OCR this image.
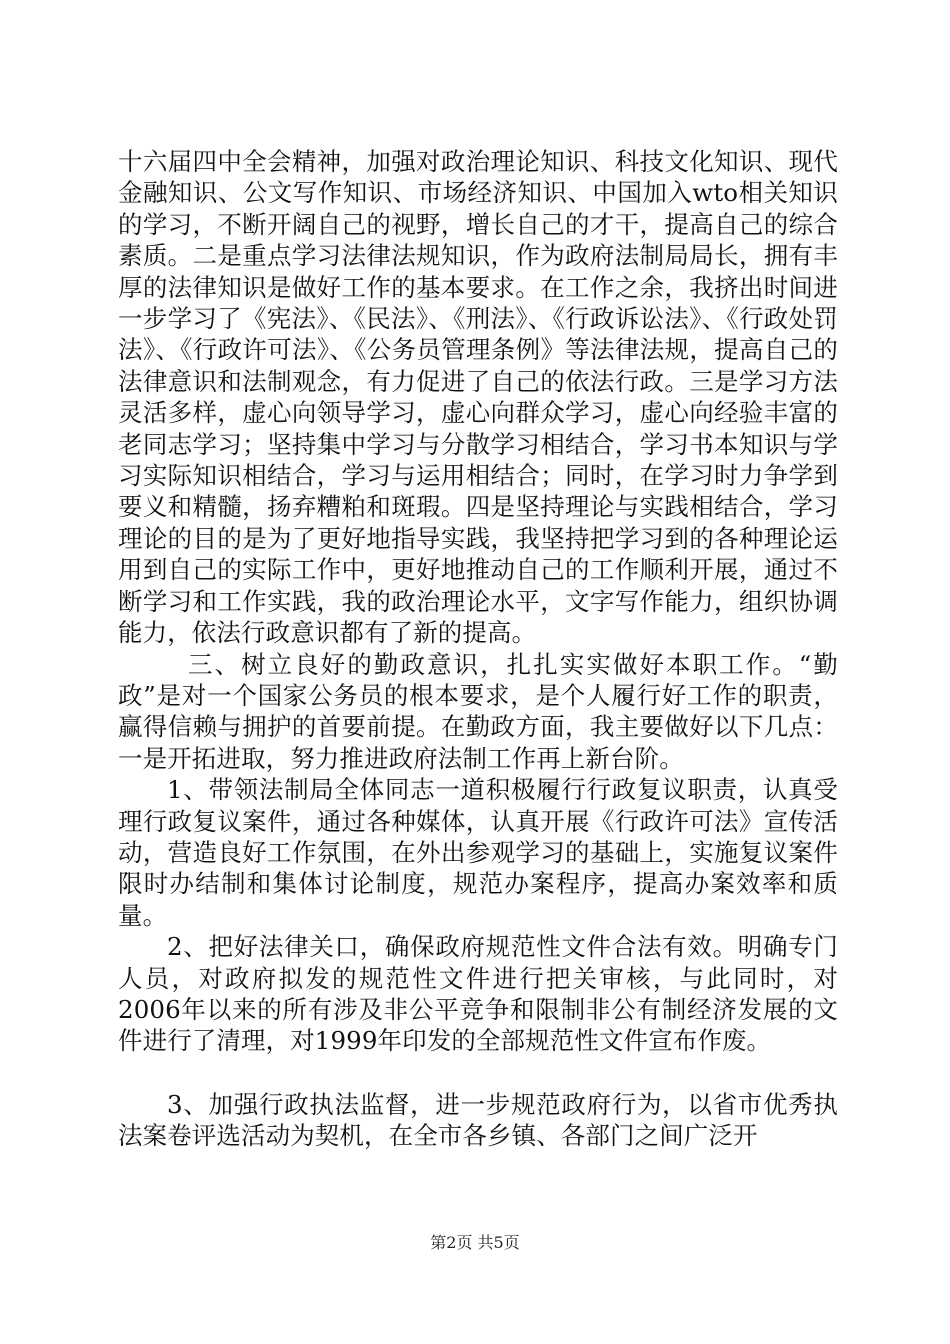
十六届四中全会精神，加强对政治理论知识、科技文化知识、现代金融知识、公文写作知识、市场经济知识、中国加入wto相关知识的学习，不断开阔自己的视野，增长自己的才干，提高自己的综合素质。二是重点学习法律法规知识，作为政府法制局局长，拥有丰厚的法律知识是做好工作的基本要求。在工作之余，我挤出时间进一步学习了《宪法》、《民法》、《刑法》、《行政诉讼法》、《行政处罚法》、《行政许可法》、《公务员管理条例》等法律法规，提高自己的法律意识和法制观念，有力促进了自己的依法行政。三是学习方法灵活多样，虚心向领导学习，虚心向群众学习，虚心向经验丰富的老同志学习；坚持集中学习与分散学习相结合，学习书本知识与学习实际知识相结合，学习与运用相结合；同时，在学习时力争学到要义和精髓，扬弃糟粕和斑瑕。四是坚持理论与实践相结合，学习理论的目的是为了更好地指导实践，我坚持把学习到的各种理论运用到自己的实际工作中，更好地推动自己的工作顺利开展，通过不断学习和工作实践，我的政治理论水平，文字写作能力，组织协调能力，依法行政意识都有了新的提高。

三、树立良好的勤政意识，扎扎实实做好本职工作。“勤政”是对一个国家公务员的根本要求，是个人履行好工作的职责，赢得信赖与拥护的首要前提。在勤政方面，我主要做好以下几点：一是开拓进取，努力推进政府法制工作再上新台阶。

1、带领法制局全体同志一道积极履行行政复议职责，认真受理行政复议案件，通过各种媒体，认真开展《行政许可法》宣传活动，营造良好工作氛围，在外出参观学习的基础上，实施复议案件限时办结制和集体讨论制度，规范办案程序，提高办案效率和质量。

2、把好法律关口，确保政府规范性文件合法有效。明确专门人员，对政府拟发的规范性文件进行把关审核，与此同时，对2006年以来的所有涉及非公平竞争和限制非公有制经济发展的文件进行了清理，对1999年印发的全部规范性文件宣布作废。

3、加强行政执法监督，进一步规范政府行为，以省市优秀执法案卷评选活动为契机，在全市各乡镇、各部门之间广泛开

第2页 共5页
